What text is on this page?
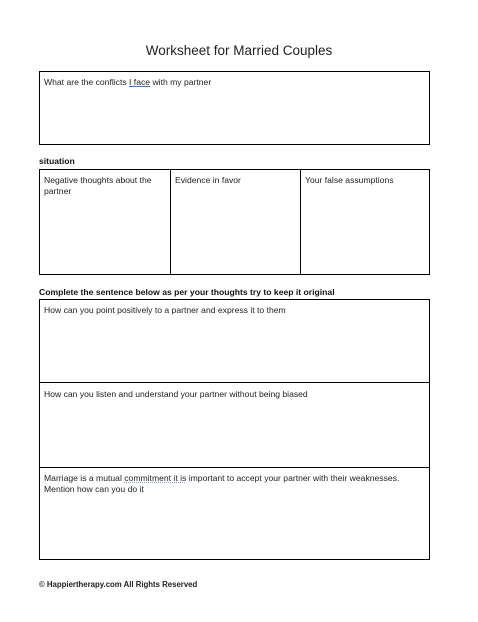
Worksheet for Married Couples
What are the conflicts I face with my partner
situation
Negative thoughts about the partner
Evidence in favor	Your false assumptions
Complete the sentence below as per your thoughts try to keep it original
How can you point positively to a partner and express it to them
How can you listen and understand your partner without being biased
Marriage is a mutual commitment it is important to accept your partner with their weaknesses.
Mention how can you do it
© Happiertherapy.com All Rights Reserved
